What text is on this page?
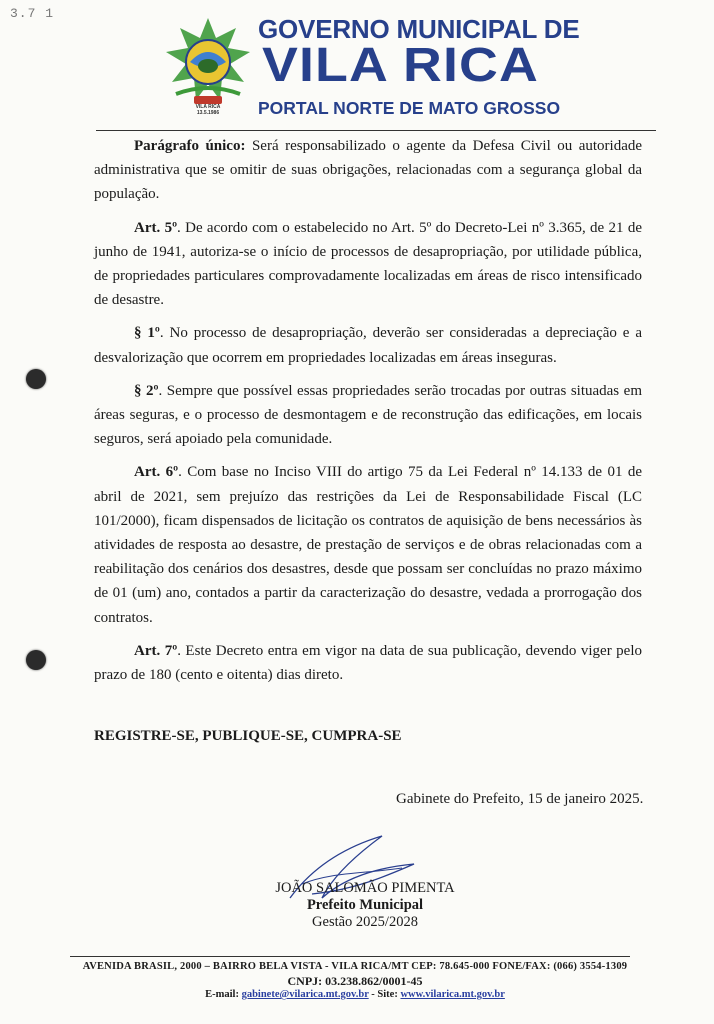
3.7 1
VILA RICA
13.5.1986
GOVERNO MUNICIPAL DE
VILA RICA
PORTAL NORTE DE MATO GROSSO

Parágrafo único: Será responsabilizado o agente da Defesa Civil ou autoridade administrativa que se omitir de suas obrigações, relacionadas com a segurança global da população.

Art. 5º. De acordo com o estabelecido no Art. 5º do Decreto-Lei nº 3.365, de 21 de junho de 1941, autoriza-se o início de processos de desapropriação, por utilidade pública, de propriedades particulares comprovadamente localizadas em áreas de risco intensificado de desastre.

§ 1º. No processo de desapropriação, deverão ser consideradas a depreciação e a desvalorização que ocorrem em propriedades localizadas em áreas inseguras.

§ 2º. Sempre que possível essas propriedades serão trocadas por outras situadas em áreas seguras, e o processo de desmontagem e de reconstrução das edificações, em locais seguros, será apoiado pela comunidade.

Art. 6º. Com base no Inciso VIII do artigo 75 da Lei Federal nº 14.133 de 01 de abril de 2021, sem prejuízo das restrições da Lei de Responsabilidade Fiscal (LC 101/2000), ficam dispensados de licitação os contratos de aquisição de bens necessários às atividades de resposta ao desastre, de prestação de serviços e de obras relacionadas com a reabilitação dos cenários dos desastres, desde que possam ser concluídas no prazo máximo de 01 (um) ano, contados a partir da caracterização do desastre, vedada a prorrogação dos contratos.

Art. 7º. Este Decreto entra em vigor na data de sua publicação, devendo viger pelo prazo de 180 (cento e oitenta) dias direto.

REGISTRE-SE, PUBLIQUE-SE, CUMPRA-SE
Gabinete do Prefeito, 15 de janeiro 2025.
JOÃO SALOMÃO PIMENTA
Prefeito Municipal
Gestão 2025/2028
AVENIDA BRASIL, 2000 – BAIRRO BELA VISTA - VILA RICA/MT CEP: 78.645-000 FONE/FAX: (066) 3554-1309
CNPJ: 03.238.862/0001-45
E-mail: gabinete@vilarica.mt.gov.br - Site: www.vilarica.mt.gov.br
